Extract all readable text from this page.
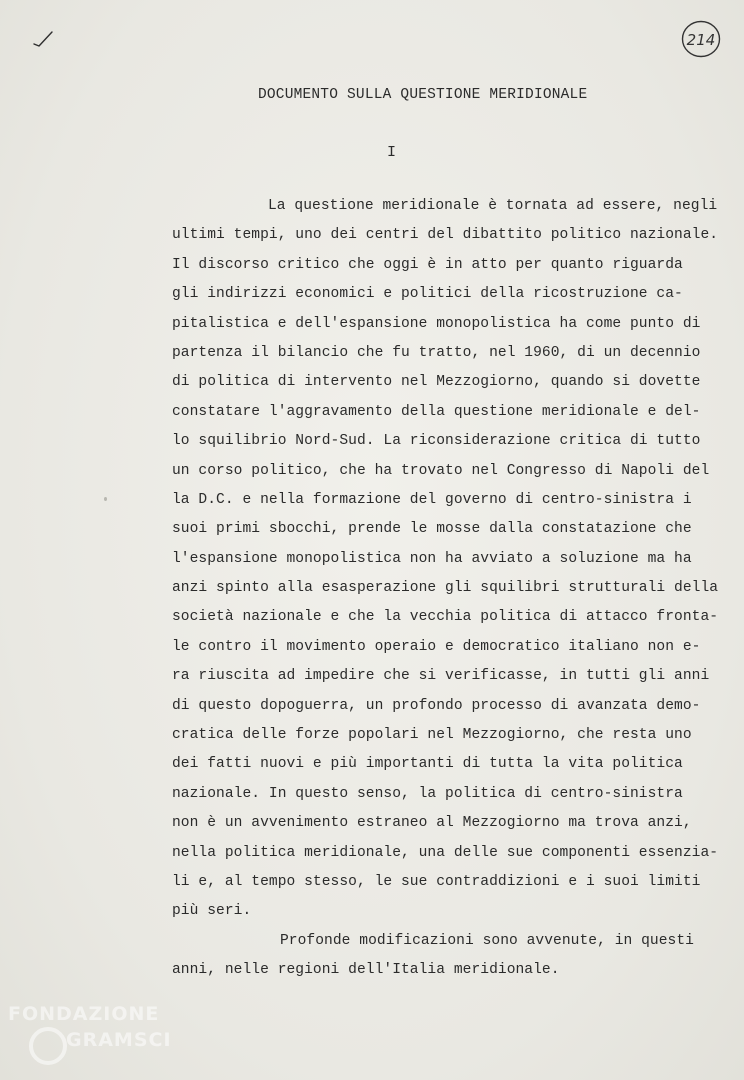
214
DOCUMENTO SULLA QUESTIONE MERIDIONALE
I
La questione meridionale è tornata ad essere, negli
ultimi tempi, uno dei centri del dibattito politico nazionale.
Il discorso critico che oggi è in atto per quanto riguarda
gli indirizzi economici e politici della ricostruzione ca-
pitalistica e dell'espansione monopolistica ha come punto di
partenza il bilancio che fu tratto, nel 1960, di un decennio
di politica di intervento nel Mezzogiorno, quando si dovette
constatare l'aggravamento della questione meridionale e del-
lo squilibrio Nord-Sud. La riconsiderazione critica di tutto
un corso politico, che ha trovato nel Congresso di Napoli del
la D.C. e nella formazione del governo di centro-sinistra i
suoi primi sbocchi, prende le mosse dalla constatazione che
l'espansione monopolistica non ha avviato a soluzione ma ha
anzi spinto alla esasperazione gli squilibri strutturali della
società nazionale e che la vecchia politica di attacco fronta-
le contro il movimento operaio e democratico italiano non e-
ra riuscita ad impedire che si verificasse, in tutti gli anni
di questo dopoguerra, un profondo processo di avanzata demo-
cratica delle forze popolari nel Mezzogiorno, che resta uno
dei fatti nuovi e più importanti di tutta la vita politica
nazionale. In questo senso, la politica di centro-sinistra
non è un avvenimento estraneo al Mezzogiorno ma trova anzi,
nella politica meridionale, una delle sue componenti essenzia-
li e, al tempo stesso, le sue contraddizioni e i suoi limiti
più seri.
Profonde modificazioni sono avvenute, in questi
anni, nelle regioni dell'Italia meridionale.
FONDAZIONE
GRAMSCI
